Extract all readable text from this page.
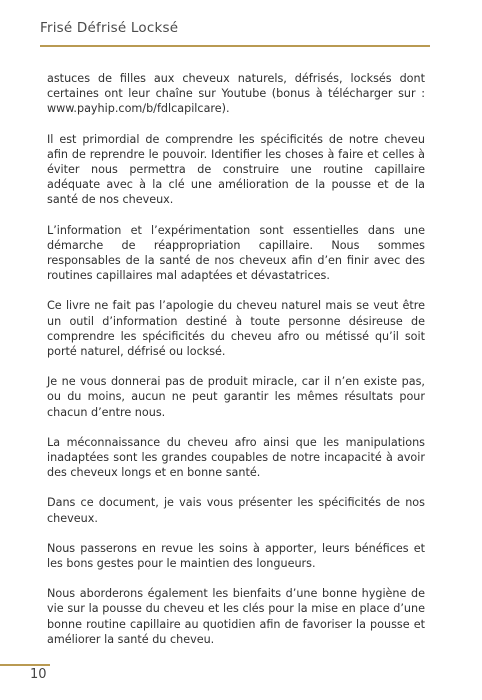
Frisé Défrisé Locksé

astuces de filles aux cheveux naturels, défrisés, locksés dont certaines ont leur chaîne sur Youtube (bonus à télécharger sur : www.payhip.com/b/fdlcapilcare).

Il est primordial de comprendre les spécificités de notre cheveu afin de reprendre le pouvoir. Identifier les choses à faire et celles à éviter nous permettra de construire une routine capillaire adéquate avec à la clé une amélioration de la pousse et de la santé de nos cheveux.

L’information et l’expérimentation sont essentielles dans une démarche de réappropriation capillaire. Nous sommes responsables de la santé de nos cheveux afin d’en finir avec des routines capillaires mal adaptées et dévastatrices.

Ce livre ne fait pas l’apologie du cheveu naturel mais se veut être un outil d’information destiné à toute personne désireuse de comprendre les spécificités du cheveu afro ou métissé qu’il soit porté naturel, défrisé ou locksé.

Je ne vous donnerai pas de produit miracle, car il n’en existe pas, ou du moins, aucun ne peut garantir les mêmes résultats pour chacun d’entre nous.

La méconnaissance du cheveu afro ainsi que les manipulations inadaptées sont les grandes coupables de notre incapacité à avoir des cheveux longs et en bonne santé.

Dans ce document, je vais vous présenter les spécificités de nos cheveux.

Nous passerons en revue les soins à apporter, leurs bénéfices et les bons gestes pour le maintien des longueurs.

Nous aborderons également les bienfaits d’une bonne hygiène de vie sur la pousse du cheveu et les clés pour la mise en place d’une bonne routine capillaire au quotidien afin de favoriser la pousse et améliorer la santé du cheveu.

10
